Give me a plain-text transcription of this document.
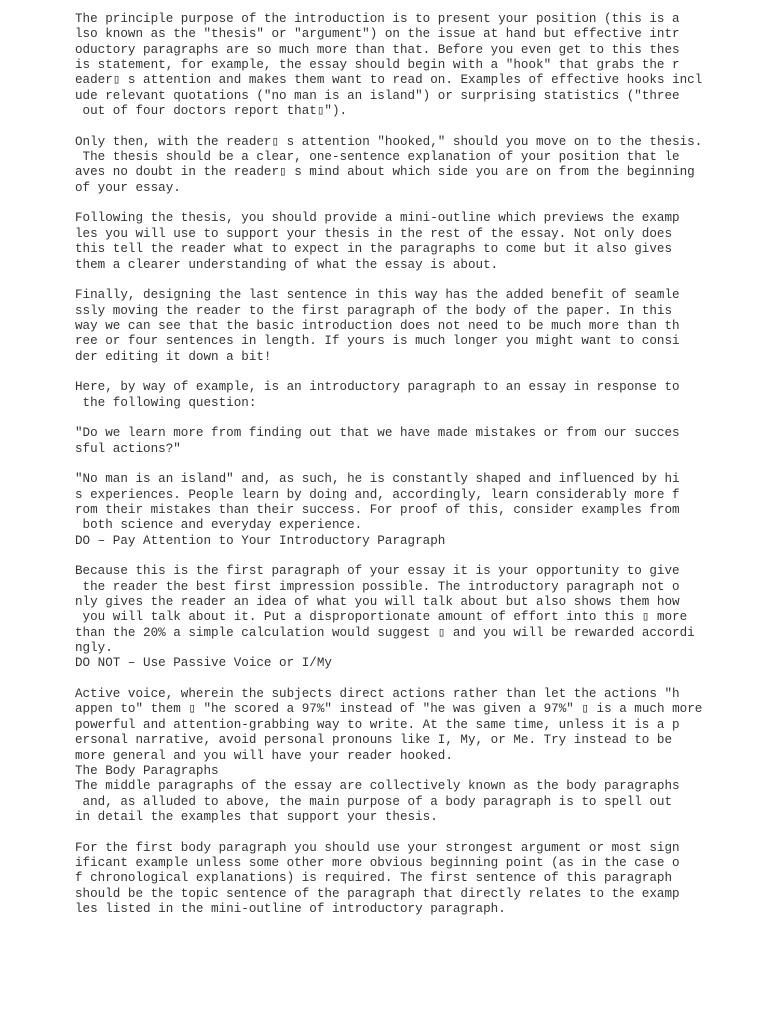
The principle purpose of the introduction is to present your position (this is a
lso known as the "thesis" or "argument") on the issue at hand but effective intr
oductory paragraphs are so much more than that. Before you even get to this thes
is statement, for example, the essay should begin with a "hook" that grabs the r
eader▯ s attention and makes them want to read on. Examples of effective hooks incl
ude relevant quotations ("no man is an island") or surprising statistics ("three
out of four doctors report that▯").
Only then, with the reader▯ s attention "hooked," should you move on to the thesis.
The thesis should be a clear, one-sentence explanation of your position that le
aves no doubt in the reader▯ s mind about which side you are on from the beginning
of your essay.
Following the thesis, you should provide a mini-outline which previews the examp
les you will use to support your thesis in the rest of the essay. Not only does
this tell the reader what to expect in the paragraphs to come but it also gives
them a clearer understanding of what the essay is about.
Finally, designing the last sentence in this way has the added benefit of seamle
ssly moving the reader to the first paragraph of the body of the paper. In this
way we can see that the basic introduction does not need to be much more than th
ree or four sentences in length. If yours is much longer you might want to consi
der editing it down a bit!
Here, by way of example, is an introductory paragraph to an essay in response to
the following question:
"Do we learn more from finding out that we have made mistakes or from our succes
sful actions?"
"No man is an island" and, as such, he is constantly shaped and influenced by hi
s experiences. People learn by doing and, accordingly, learn considerably more f
rom their mistakes than their success. For proof of this, consider examples from
both science and everyday experience.
DO – Pay Attention to Your Introductory Paragraph
Because this is the first paragraph of your essay it is your opportunity to give
the reader the best first impression possible. The introductory paragraph not o
nly gives the reader an idea of what you will talk about but also shows them how
you will talk about it. Put a disproportionate amount of effort into this ▯ more
than the 20% a simple calculation would suggest ▯ and you will be rewarded accordi
ngly.
DO NOT – Use Passive Voice or I/My
Active voice, wherein the subjects direct actions rather than let the actions "h
appen to" them ▯ "he scored a 97%" instead of "he was given a 97%" ▯ is a much more
powerful and attention-grabbing way to write. At the same time, unless it is a p
ersonal narrative, avoid personal pronouns like I, My, or Me. Try instead to be
more general and you will have your reader hooked.
The Body Paragraphs
The middle paragraphs of the essay are collectively known as the body paragraphs
and, as alluded to above, the main purpose of a body paragraph is to spell out
in detail the examples that support your thesis.
For the first body paragraph you should use your strongest argument or most sign
ificant example unless some other more obvious beginning point (as in the case o
f chronological explanations) is required. The first sentence of this paragraph
should be the topic sentence of the paragraph that directly relates to the examp
les listed in the mini-outline of introductory paragraph.
